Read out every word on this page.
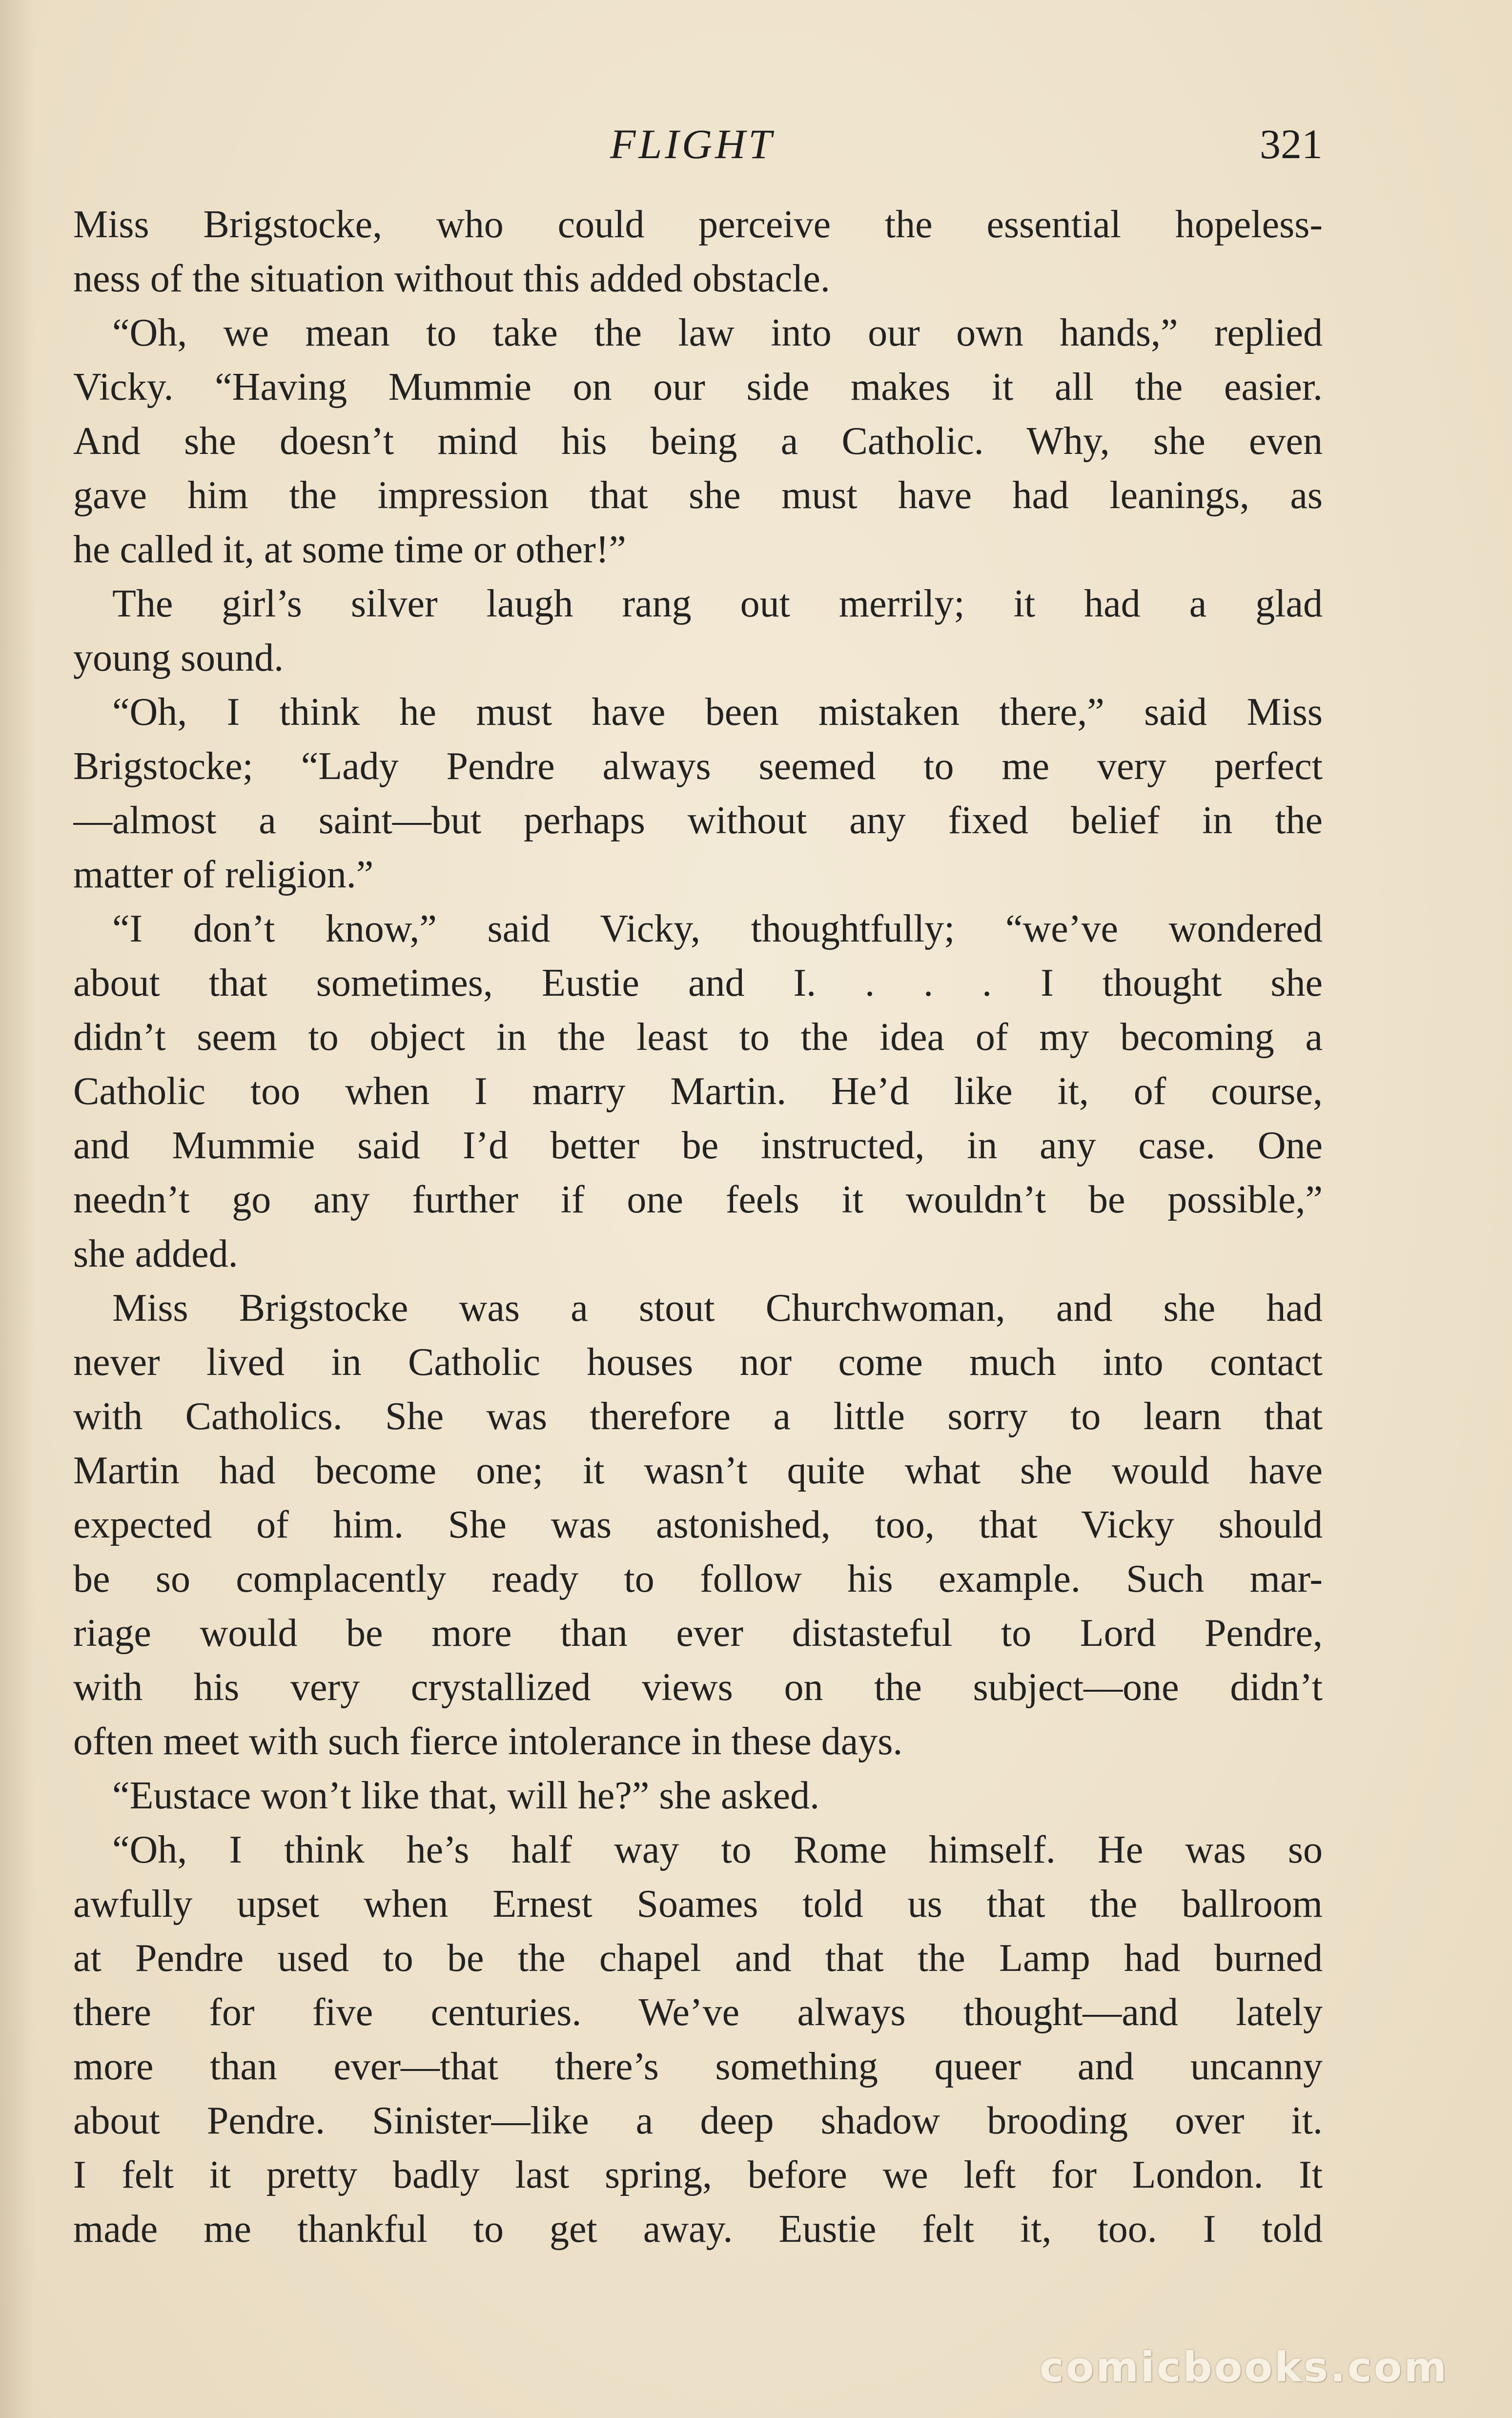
FLIGHT	321
Miss Brigstocke, who could perceive the essential hopeless-
ness of the situation without this added obstacle.
“Oh, we mean to take the law into our own hands,” replied
Vicky. “Having Mummie on our side makes it all the easier.
And she doesn’t mind his being a Catholic. Why, she even
gave him the impression that she must have had leanings, as
he called it, at some time or other!”
The girl’s silver laugh rang out merrily; it had a glad
young sound.
“Oh, I think he must have been mistaken there,” said Miss
Brigstocke; “Lady Pendre always seemed to me very perfect
—almost a saint—but perhaps without any fixed belief in the
matter of religion.”
“I don’t know,” said Vicky, thoughtfully; “we’ve wondered
about that sometimes, Eustie and I. . . . I thought she
didn’t seem to object in the least to the idea of my becoming a
Catholic too when I marry Martin. He’d like it, of course,
and Mummie said I’d better be instructed, in any case. One
needn’t go any further if one feels it wouldn’t be possible,”
she added.
Miss Brigstocke was a stout Churchwoman, and she had
never lived in Catholic houses nor come much into contact
with Catholics. She was therefore a little sorry to learn that
Martin had become one; it wasn’t quite what she would have
expected of him. She was astonished, too, that Vicky should
be so complacently ready to follow his example. Such mar-
riage would be more than ever distasteful to Lord Pendre,
with his very crystallized views on the subject—one didn’t
often meet with such fierce intolerance in these days.
“Eustace won’t like that, will he?” she asked.
“Oh, I think he’s half way to Rome himself. He was so
awfully upset when Ernest Soames told us that the ballroom
at Pendre used to be the chapel and that the Lamp had burned
there for five centuries. We’ve always thought—and lately
more than ever—that there’s something queer and uncanny
about Pendre. Sinister—like a deep shadow brooding over it.
I felt it pretty badly last spring, before we left for London. It
made me thankful to get away. Eustie felt it, too. I told
comicbooks.com
